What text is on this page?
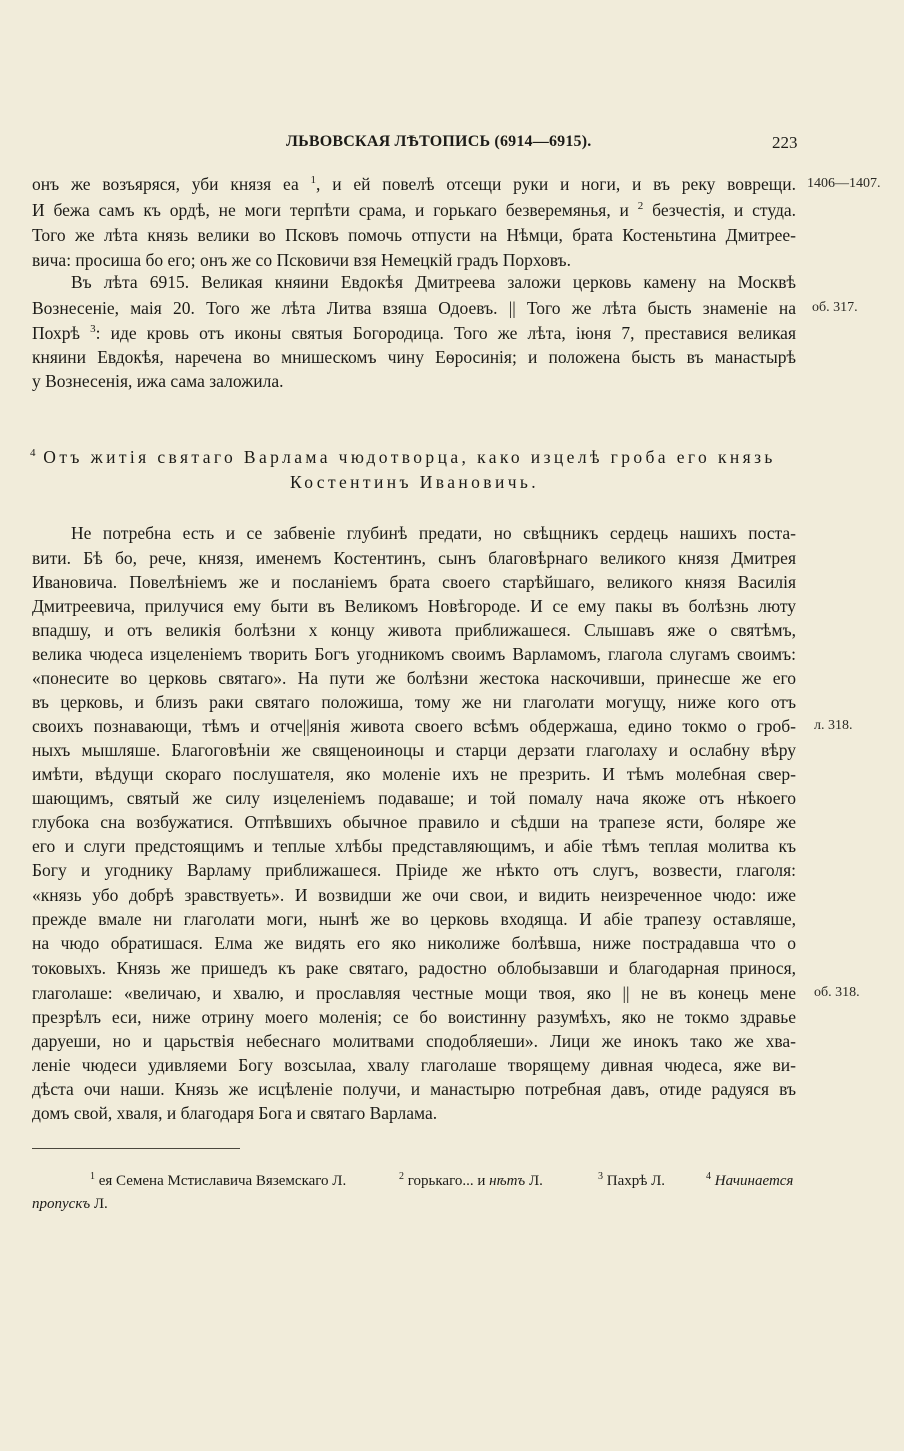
ЛЬВОВСКАЯ ЛѢТОПИСЬ (6914—6915).	223
онъ же возъяряся, уби князя еа $^1$, и ей повелѣ отсещи руки и ноги, и въ реку воврещи.
И бежа самъ къ ордѣ, не моги терпѣти срама, и горькаго безверемянья, и $^2$ безчестія, и студа.
Того же лѣта князь велики во Псковъ помочь отпусти на Нѣмци, брата Костеньтина Дмитрее-
вича: просиша бо его; онъ же со Псковичи взя Немецкій градъ Порховъ.
Въ лѣта 6915. Великая княини Евдокѣя Дмитреева заложи церковь камену на Москвѣ
Вознесеніе, маія 20. Того же лѣта Литва взяша Одоевъ. || Того же лѣта бысть знаменіе на
Похрѣ $^3$: иде кровь отъ иконы святыя Богородица. Того же лѣта, іюня 7, преставися великая
княини Евдокѣя, наречена во мнишескомъ чину Еѳросинія; и положена бысть въ манастырѣ
у Вознесенія, ижа сама заложила.
1406—1407.
об. 317.
л. 318.
об. 318.
$^4$ Отъ житія святаго Варлама чюдотворца, како изцелѣ гроба его князь
Костентинъ Ивановичь.
Не потребна есть и се забвеніе глубинѣ предати, но свѣщникъ сердець нашихъ поста-
вити. Бѣ бо, рече, князя, именемъ Костентинъ, сынъ благовѣрнаго великого князя Дмитрея
Ивановича. Повелѣніемъ же и посланіемъ брата своего старѣйшаго, великого князя Василія
Дмитреевича, прилучися ему быти въ Великомъ Новѣгороде. И се ему пакы въ болѣзнь люту
впадшу, и отъ великія болѣзни х концу живота приближашеся. Слышавъ яже о святѣмъ,
велика чюдеса изцеленіемъ творить Богъ угодникомъ своимъ Варламомъ, глагола слугамъ своимъ:
«понесите во церковь святаго». На пути же болѣзни жестока наскочивши, принесше же его
въ церковь, и близъ раки святаго положиша, тому же ни глаголати могущу, ниже кого отъ
своихъ познавающи, тѣмъ и отче||янія живота своего всѣмъ обдержаша, едино токмо о гроб-
ныхъ мышляше. Благоговѣніи же священоиноцы и старци дерзати глаголаху и ослабну вѣру
имѣти, вѣдущи скораго послушателя, яко моленіе ихъ не презрить. И тѣмъ молебная свер-
шающимъ, святый же силу изцеленіемъ подаваше; и той помалу нача якоже отъ нѣкоего
глубока сна возбужатися. Отпѣвшихъ обычное правило и сѣдши на трапезе ясти, боляре же
его и слуги предстоящимъ и теплые хлѣбы представляющимъ, и абіе тѣмъ теплая молитва къ
Богу и угоднику Варламу приближашеся. Пріиде же нѣкто отъ слугъ, возвести, глаголя:
«князь убо добрѣ зравствуеть». И возвидши же очи свои, и видить неизреченное чюдо: иже
прежде вмале ни глаголати моги, нынѣ же во церковь входяща. И абіе трапезу оставляше,
на чюдо обратишася. Елма же видять его яко николиже болѣвша, ниже пострадавша что о
токовыхъ. Князь же пришедъ къ раке святаго, радостно облобызавши и благодарная принося,
глаголаше: «величаю, и хвалю, и прославляя честные мощи твоя, яко || не въ конець мене
презрѣлъ еси, ниже отрину моего моленія; се бо воистинну разумѣхъ, яко не токмо здравье
даруеши, но и царьствія небеснаго молитвами сподобляеши». Лици же инокъ тако же хва-
леніе чюдеси удивляеми Богу возсылаа, хвалу глаголаше творящему дивная чюдеса, яже ви-
дѣста очи наши. Князь же исцѣленіе получи, и манастырю потребная давъ, отиде радуяся въ
домъ свой, хваля, и благодаря Бога и святаго Варлама.
$^1$ ея Семена Мстиславича Вяземскаго Л.	$^2$ горькаго... и нѣтъ Л.	$^3$ Пахрѣ Л.	$^4$ Начинается
пропускъ Л.
